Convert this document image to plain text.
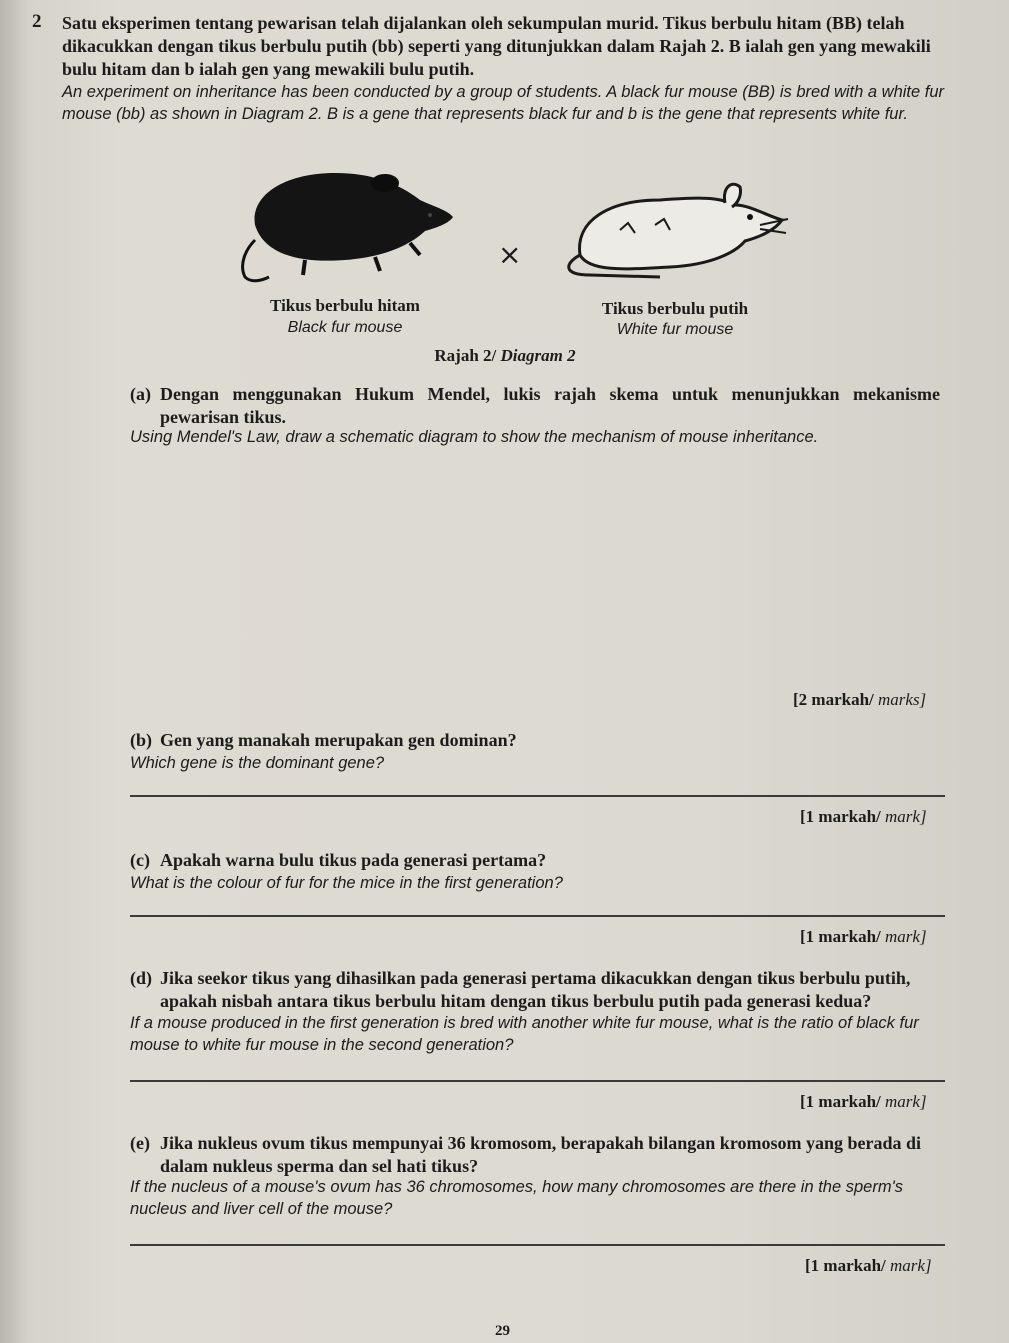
2 Satu eksperimen tentang pewarisan telah dijalankan oleh sekumpulan murid. Tikus berbulu hitam (BB) telah dikacukkan dengan tikus berbulu putih (bb) seperti yang ditunjukkan dalam Rajah 2. B ialah gen yang mewakili bulu hitam dan b ialah gen yang mewakili bulu putih.
An experiment on inheritance has been conducted by a group of students. A black fur mouse (BB) is bred with a white fur mouse (bb) as shown in Diagram 2. B is a gene that represents black fur and b is the gene that represents white fur.
×
Tikus berbulu hitam
Black fur mouse
Tikus berbulu putih
White fur mouse
Rajah 2/ Diagram 2
(a) Dengan menggunakan Hukum Mendel, lukis rajah skema untuk menunjukkan mekanisme pewarisan tikus.
Using Mendel's Law, draw a schematic diagram to show the mechanism of mouse inheritance.
[2 markah/ marks]
(b) Gen yang manakah merupakan gen dominan?
Which gene is the dominant gene?
[1 markah/ mark]
(c) Apakah warna bulu tikus pada generasi pertama?
What is the colour of fur for the mice in the first generation?
[1 markah/ mark]
(d) Jika seekor tikus yang dihasilkan pada generasi pertama dikacukkan dengan tikus berbulu putih, apakah nisbah antara tikus berbulu hitam dengan tikus berbulu putih pada generasi kedua?
If a mouse produced in the first generation is bred with another white fur mouse, what is the ratio of black fur mouse to white fur mouse in the second generation?
[1 markah/ mark]
(e) Jika nukleus ovum tikus mempunyai 36 kromosom, berapakah bilangan kromosom yang berada di dalam nukleus sperma dan sel hati tikus?
If the nucleus of a mouse's ovum has 36 chromosomes, how many chromosomes are there in the sperm's nucleus and liver cell of the mouse?
[1 markah/ mark]
29
